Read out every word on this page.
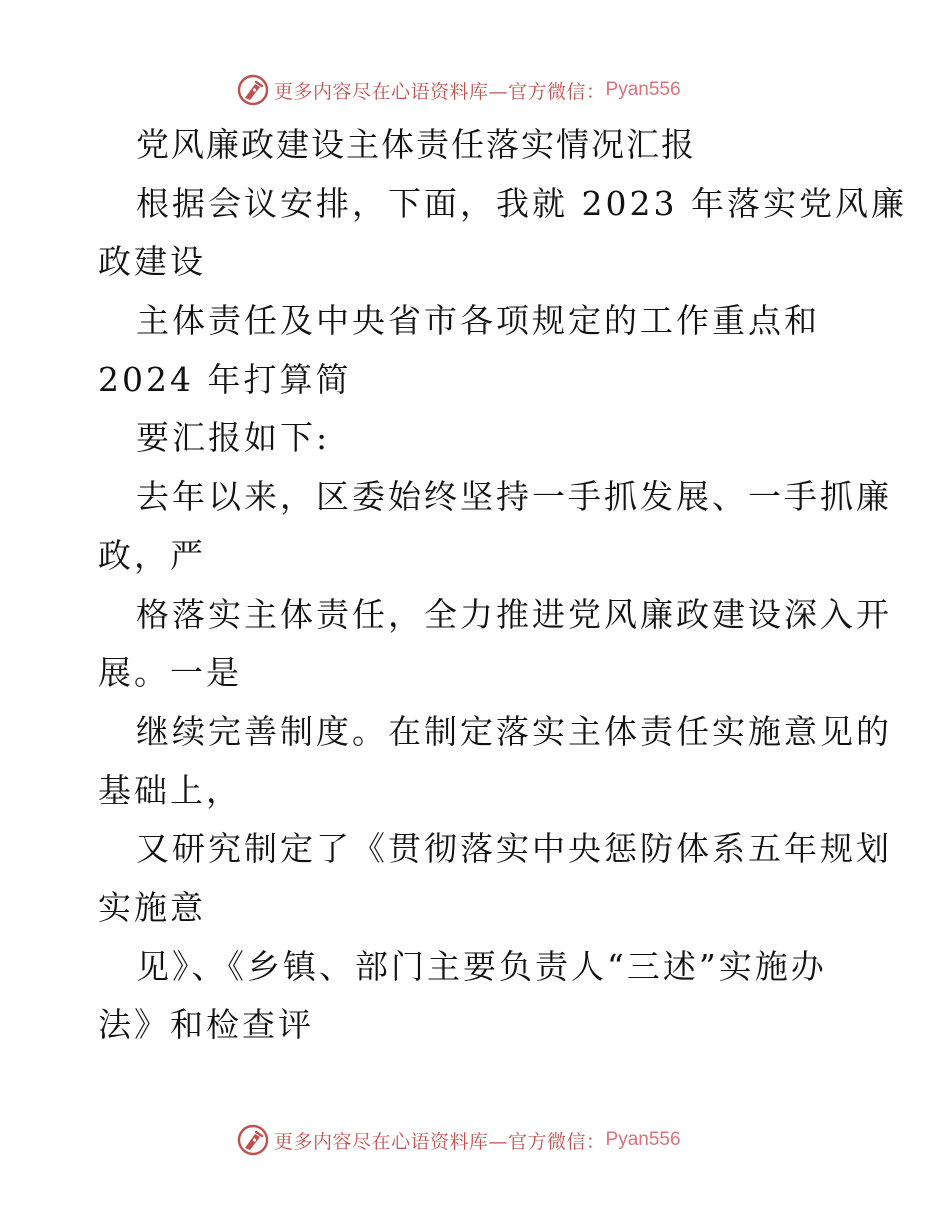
更多内容尽在心语资料库—官方微信： Pyan556
党风廉政建设主体责任落实情况汇报
根据会议安排，下面，我就 2023 年落实党风廉
政建设
主体责任及中央省市各项规定的工作重点和
2024 年打算简
要汇报如下:
去年以来，区委始终坚持一手抓发展、一手抓廉
政，严
格落实主体责任，全力推进党风廉政建设深入开
展。一是
继续完善制度。在制定落实主体责任实施意见的
基础上，
又研究制定了《贯彻落实中央惩防体系五年规划
实施意
见》、《乡镇、部门主要负责人“三述”实施办
法》和检查评
更多内容尽在心语资料库—官方微信： Pyan556
